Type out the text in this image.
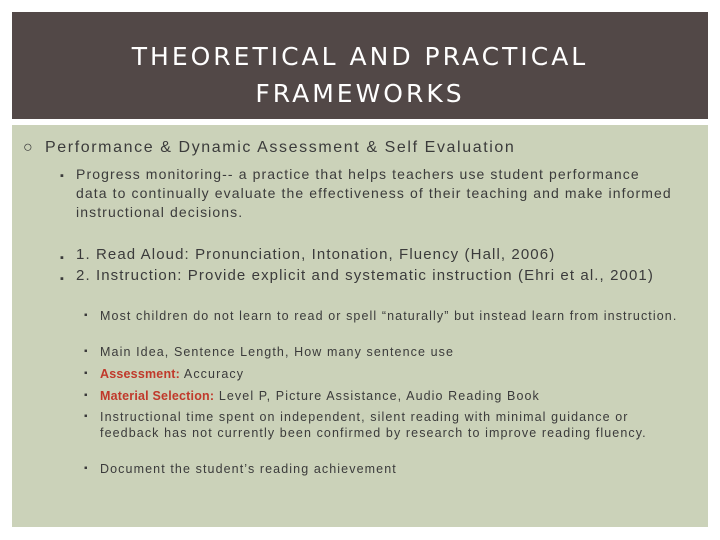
THEORETICAL AND PRACTICAL
FRAMEWORKS
○ Performance & Dynamic Assessment & Self Evaluation
▪ Progress monitoring-- a practice that helps teachers use student performance data to continually evaluate the effectiveness of their teaching and make informed instructional decisions.
▪ 1. Read Aloud: Pronunciation, Intonation, Fluency (Hall, 2006)
▪ 2. Instruction: Provide explicit and systematic instruction (Ehri et al., 2001)
▪ Most children do not learn to read or spell “naturally” but instead learn from instruction.
▪ Main Idea, Sentence Length, How many sentence use
▪ Assessment: Accuracy
▪ Material Selection: Level P, Picture Assistance, Audio Reading Book
▪ Instructional time spent on independent, silent reading with minimal guidance or feedback has not currently been confirmed by research to improve reading fluency.
▪ Document the student’s reading achievement
